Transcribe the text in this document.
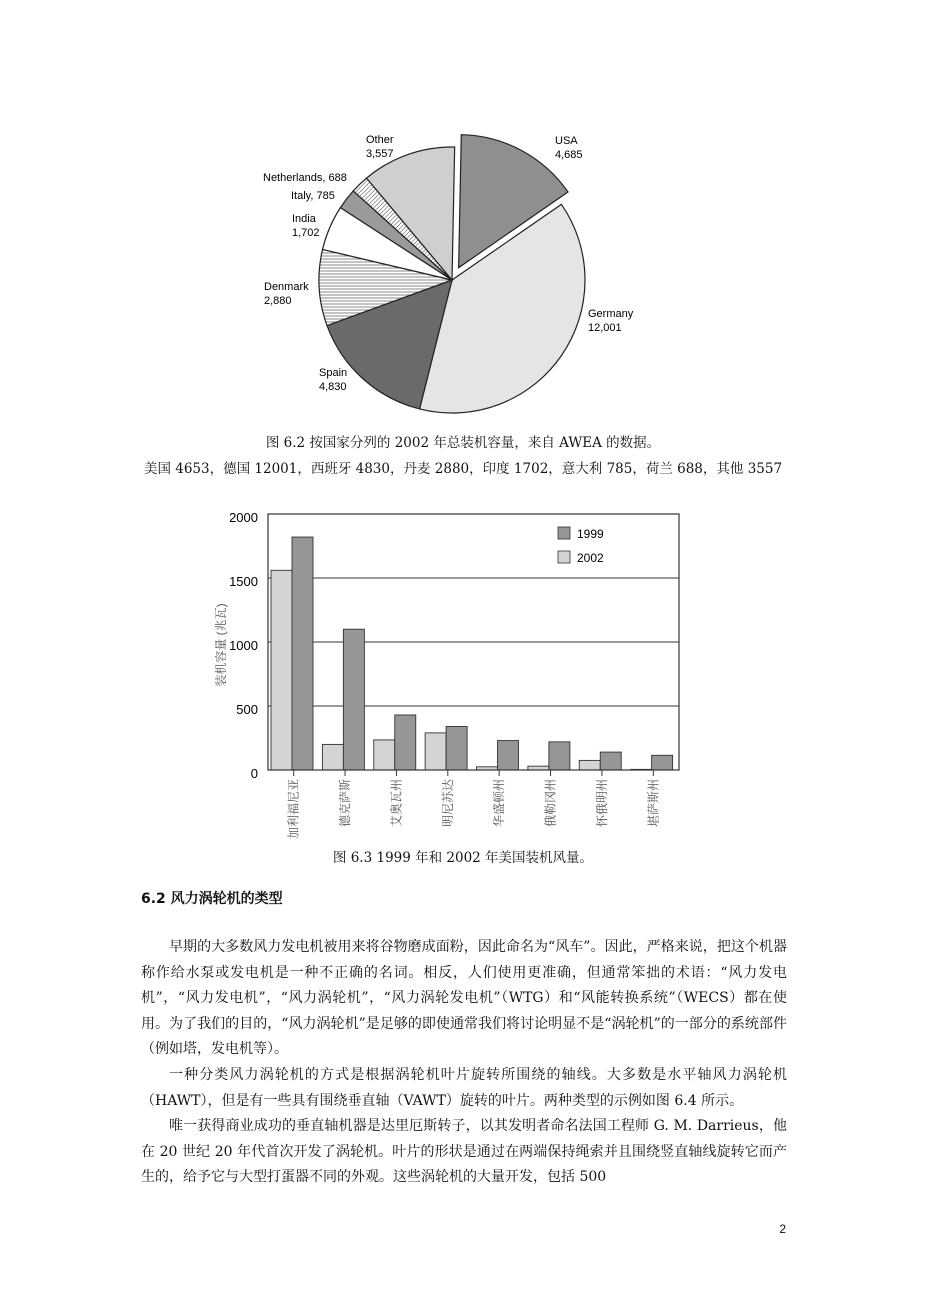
USA
4,685
Germany
12,001
Spain
4,830
Denmark
2,880
India
1,702
Italy, 785
Netherlands, 688
Other
3,557
图 6.2 按国家分列的 2002 年总装机容量，来自 AWEA 的数据。
美国 4653，德国 12001，西班牙 4830，丹麦 2880，印度 1702，意大利 785，荷兰 688，其他 3557
装机容量 (兆瓦)
0
500
1000
1500
2000
加利福尼亚	德克萨斯	艾奥瓦州	明尼苏达	华盛顿州	俄勒冈州	怀俄明州	堪萨斯州
1999
2002
图 6.3 1999 年和 2002 年美国装机风量。
6.2 风力涡轮机的类型

早期的大多数风力发电机被用来将谷物磨成面粉，因此命名为“风车”。因此，严格来说，把这个机器称作给水泵或发电机是一种不正确的名词。相反，人们使用更准确，但通常笨拙的术语：“风力发电机”，“风力发电机”，“风力涡轮机”，“风力涡轮发电机”（WTG）和“风能转换系统”（WECS）都在使用。为了我们的目的，“风力涡轮机”是足够的即使通常我们将讨论明显不是“涡轮机”的一部分的系统部件（例如塔，发电机等）。

一种分类风力涡轮机的方式是根据涡轮机叶片旋转所围绕的轴线。大多数是水平轴风力涡轮机（HAWT），但是有一些具有围绕垂直轴（VAWT）旋转的叶片。两种类型的示例如图 6.4 所示。

唯一获得商业成功的垂直轴机器是达里厄斯转子，以其发明者命名法国工程师 G. M. Darrieus，他在 20 世纪 20 年代首次开发了涡轮机。叶片的形状是通过在两端保持绳索并且围绕竖直轴线旋转它而产生的，给予它与大型打蛋器不同的外观。这些涡轮机的大量开发，包括 500

2
